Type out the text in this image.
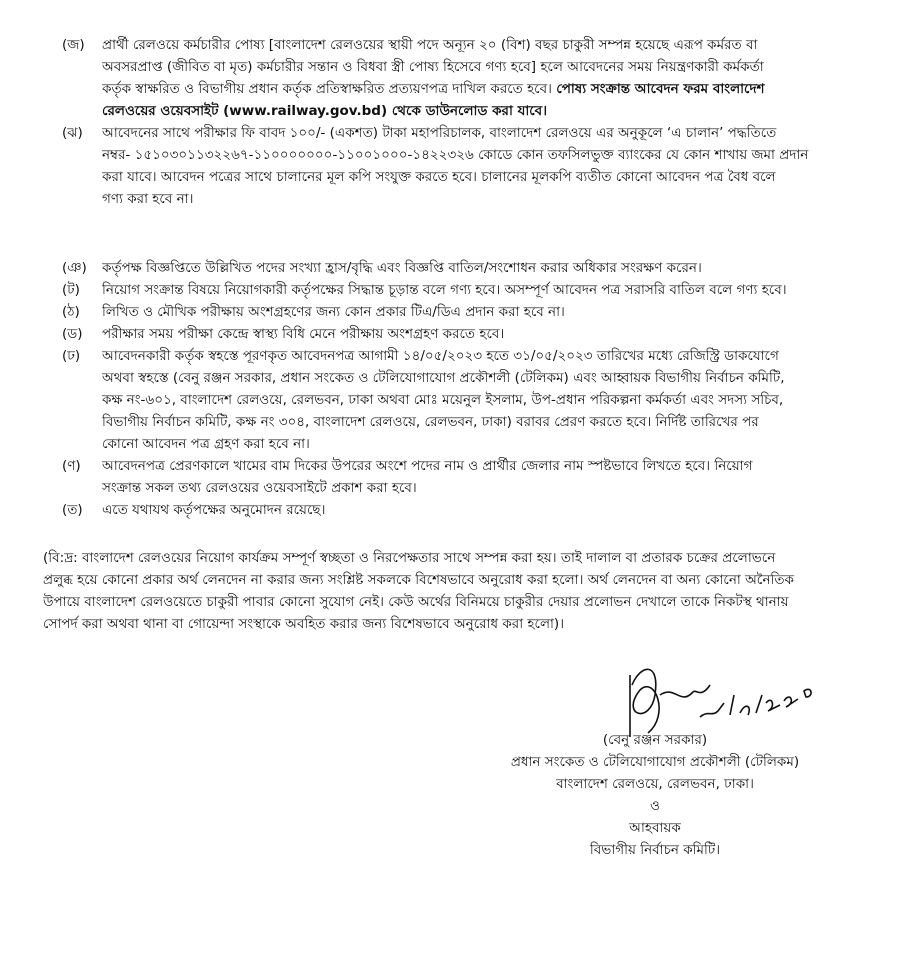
(জ)	প্রার্থী রেলওয়ে কর্মচারীর পোষ্য [বাংলাদেশ রেলওয়ের স্থায়ী পদে অন্যূন ২০ (বিশ) বছর চাকুরী সম্পন্ন হয়েছে এরূপ কর্মরত বা
অবসরপ্রাপ্ত (জীবিত বা মৃত) কর্মচারীর সন্তান ও বিধবা স্ত্রী পোষ্য হিসেবে গণ্য হবে] হলে আবেদনের সময় নিয়ন্ত্রণকারী কর্মকর্তা
কর্তৃক স্বাক্ষরিত ও বিভাগীয় প্রধান কর্তৃক প্রতিস্বাক্ষরিত প্রত্যয়ণপত্র দাখিল করতে হবে। পোষ্য সংক্রান্ত আবেদন ফরম বাংলাদেশ
রেলওয়ের ওয়েবসাইট (www.railway.gov.bd) থেকে ডাউনলোড করা যাবে।
(ঝ)	আবেদনের সাথে পরীক্ষার ফি বাবদ ১০০/- (একশত) টাকা মহাপরিচালক, বাংলাদেশ রেলওয়ে এর অনুকূলে ‘এ চালান’ পদ্ধতিতে
নম্বর- ১৫১০৩০১১৩২২৬৭-১১০০০০০০০-১১০০১০০০-১৪২২৩২৬ কোডে কোন তফসিলভুক্ত ব্যাংকের যে কোন শাখায় জমা প্রদান
করা যাবে। আবেদন পত্রের সাথে চালানের মূল কপি সংযুক্ত করতে হবে। চালানের মূলকপি ব্যতীত কোনো আবেদন পত্র বৈধ বলে
গণ্য করা হবে না।
(ঞ)	কর্তৃপক্ষ বিজ্ঞপ্তিতে উল্লিখিত পদের সংখ্যা হ্রাস/বৃদ্ধি এবং বিজ্ঞপ্তি বাতিল/সংশোধন করার অধিকার সংরক্ষণ করেন।
(ট)	নিয়োগ সংক্রান্ত বিষয়ে নিয়োগকারী কর্তৃপক্ষের সিদ্ধান্ত চূড়ান্ত বলে গণ্য হবে। অসম্পূর্ণ আবেদন পত্র সরাসরি বাতিল বলে গণ্য হবে।
(ঠ)	লিখিত ও মৌখিক পরীক্ষায় অংশগ্রহণের জন্য কোন প্রকার টিএ/ডিএ প্রদান করা হবে না।
(ড)	পরীক্ষার সময় পরীক্ষা কেন্দ্রে স্বাস্থ্য বিধি মেনে পরীক্ষায় অংশগ্রহণ করতে হবে।
(ঢ)	আবেদনকারী কর্তৃক স্বহস্তে পূরণকৃত আবেদনপত্র আগামী ১৪/০৫/২০২৩ হতে ৩১/০৫/২০২৩ তারিখের মধ্যে রেজিস্ট্রি ডাকযোগে
অথবা স্বহস্তে (বেনু রঞ্জন সরকার, প্রধান সংকেত ও টেলিযোগাযোগ প্রকৌশলী (টেলিকম) এবং আহ্বায়ক বিভাগীয় নির্বাচন কমিটি,
কক্ষ নং-৬০১, বাংলাদেশ রেলওয়ে, রেলভবন, ঢাকা অথবা মোঃ ময়েনুল ইসলাম, উপ-প্রধান পরিকল্পনা কর্মকর্তা এবং সদস্য সচিব,
বিভাগীয় নির্বাচন কমিটি, কক্ষ নং ৩০৪, বাংলাদেশ রেলওয়ে, রেলভবন, ঢাকা) বরাবর প্রেরণ করতে হবে। নির্দিষ্ট তারিখের পর
কোনো আবেদন পত্র গ্রহণ করা হবে না।
(ণ)	আবেদনপত্র প্রেরণকালে খামের বাম দিকের উপরের অংশে পদের নাম ও প্রার্থীর জেলার নাম স্পষ্টভাবে লিখতে হবে। নিয়োগ
সংক্রান্ত সকল তথ্য রেলওয়ের ওয়েবসাইটে প্রকাশ করা হবে।
(ত)	এতে যথাযথ কর্তৃপক্ষের অনুমোদন রয়েছে।
(বি:দ্র: বাংলাদেশ রেলওয়ের নিয়োগ কার্যক্রম সম্পূর্ণ স্বচ্ছতা ও নিরপেক্ষতার সাথে সম্পন্ন করা হয়। তাই দালাল বা প্রতারক চক্রের প্রলোভনে
প্রলুব্ধ হয়ে কোনো প্রকার অর্থ লেনদেন না করার জন্য সংশ্লিষ্ট সকলকে বিশেষভাবে অনুরোধ করা হলো। অর্থ লেনদেন বা অন্য কোনো অনৈতিক
উপায়ে বাংলাদেশ রেলওয়েতে চাকুরী পাবার কোনো সুযোগ নেই। কেউ অর্থের বিনিময়ে চাকুরীর দেয়ার প্রলোভন দেখালে তাকে নিকটস্থ থানায়
সোপর্দ করা অথবা থানা বা গোয়েন্দা সংস্থাকে অবহিত করার জন্য বিশেষভাবে অনুরোধ করা হলো)।
(বেনু রঞ্জন সরকার)
প্রধান সংকেত ও টেলিযোগাযোগ প্রকৌশলী (টেলিকম)
বাংলাদেশ রেলওয়ে, রেলভবন, ঢাকা।
ও
আহবায়ক
বিভাগীয় নির্বাচন কমিটি।
